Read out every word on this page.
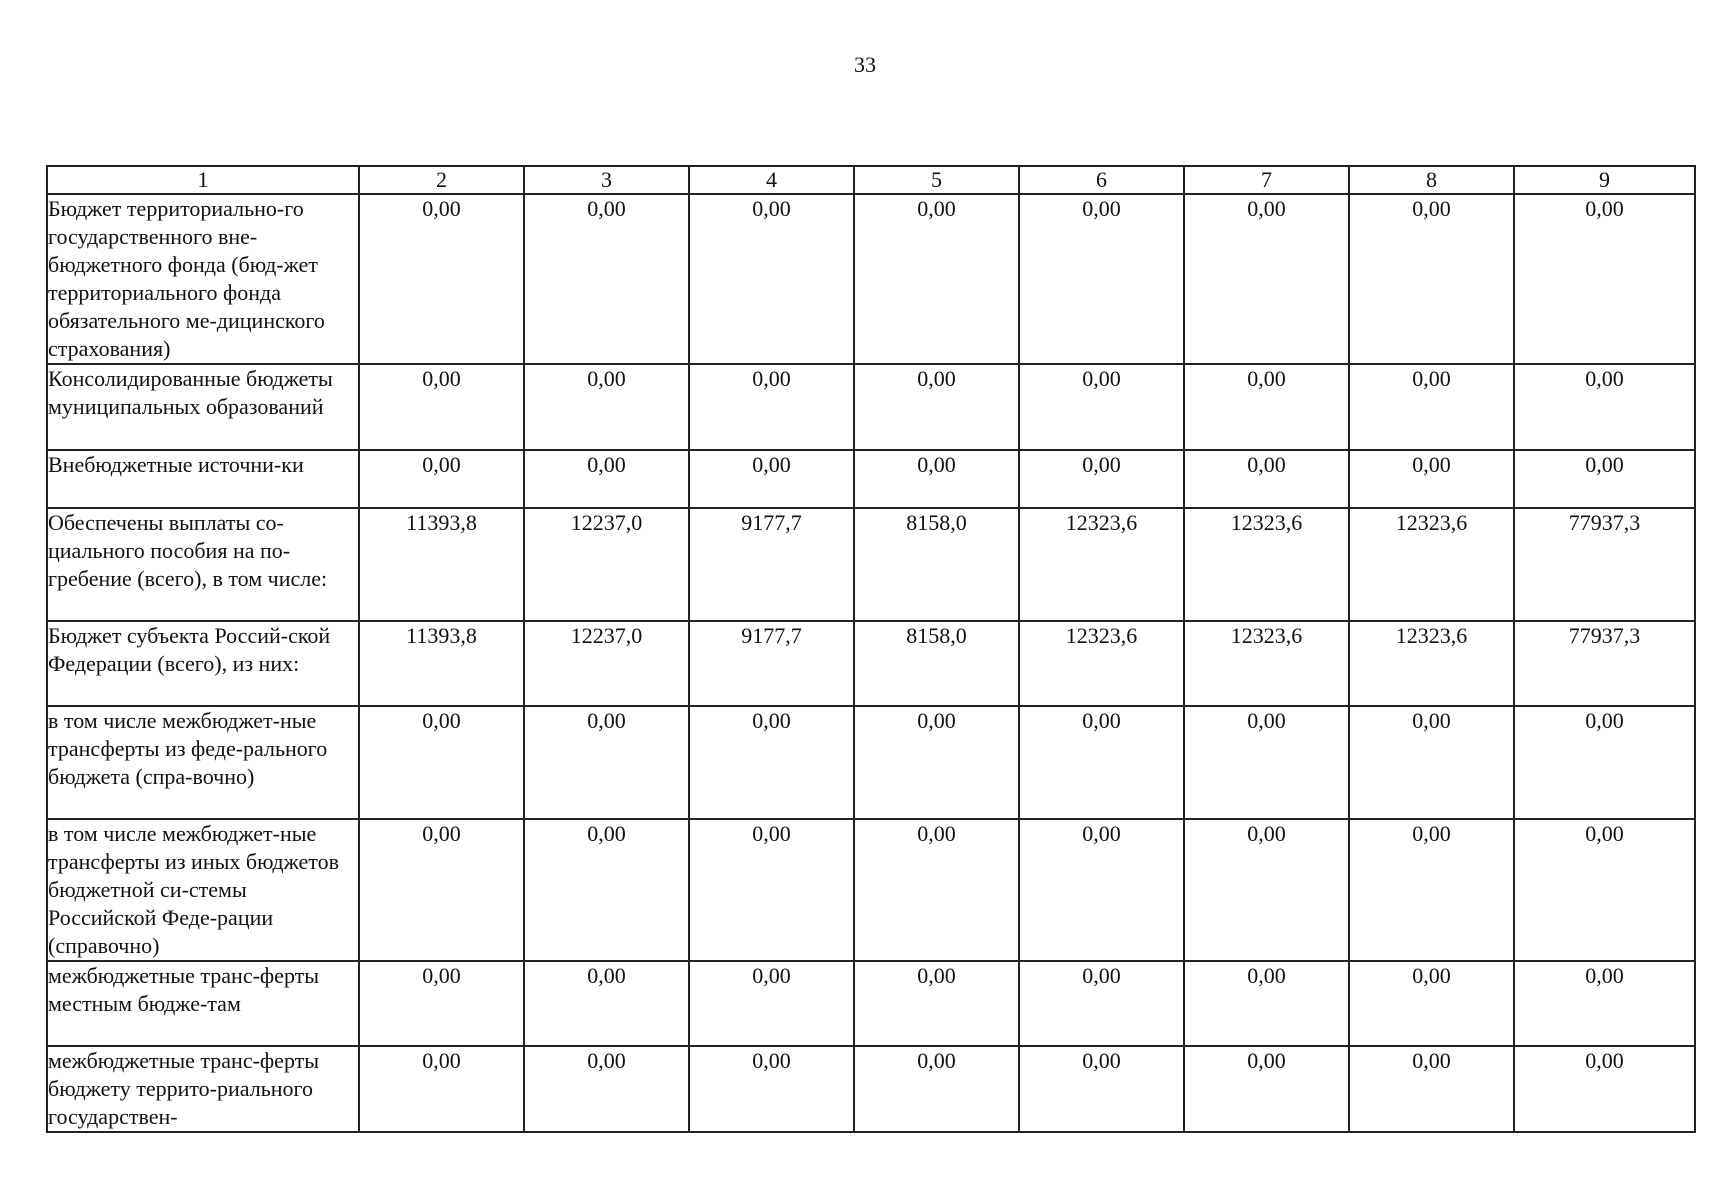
33
1	2	3	4	5	6	7	8	9
Бюджет территориально-го государственного вне-бюджетного фонда (бюд-жет территориального фонда обязательного ме-дицинского страхования)	0,00	0,00	0,00	0,00	0,00	0,00	0,00	0,00
Консолидированные бюджеты муниципальных образований	0,00	0,00	0,00	0,00	0,00	0,00	0,00	0,00
Внебюджетные источни-ки	0,00	0,00	0,00	0,00	0,00	0,00	0,00	0,00
Обеспечены выплаты со-циального пособия на по-гребение (всего), в том числе:	11393,8	12237,0	9177,7	8158,0	12323,6	12323,6	12323,6	77937,3
Бюджет субъекта Россий-ской Федерации (всего), из них:	11393,8	12237,0	9177,7	8158,0	12323,6	12323,6	12323,6	77937,3
в том числе межбюджет-ные трансферты из феде-рального бюджета (спра-вочно)	0,00	0,00	0,00	0,00	0,00	0,00	0,00	0,00
в том числе межбюджет-ные трансферты из иных бюджетов бюджетной си-стемы Российской Феде-рации (справочно)	0,00	0,00	0,00	0,00	0,00	0,00	0,00	0,00
межбюджетные транс-ферты местным бюдже-там	0,00	0,00	0,00	0,00	0,00	0,00	0,00	0,00
межбюджетные транс-ферты бюджету террито-риального государствен-	0,00	0,00	0,00	0,00	0,00	0,00	0,00	0,00
